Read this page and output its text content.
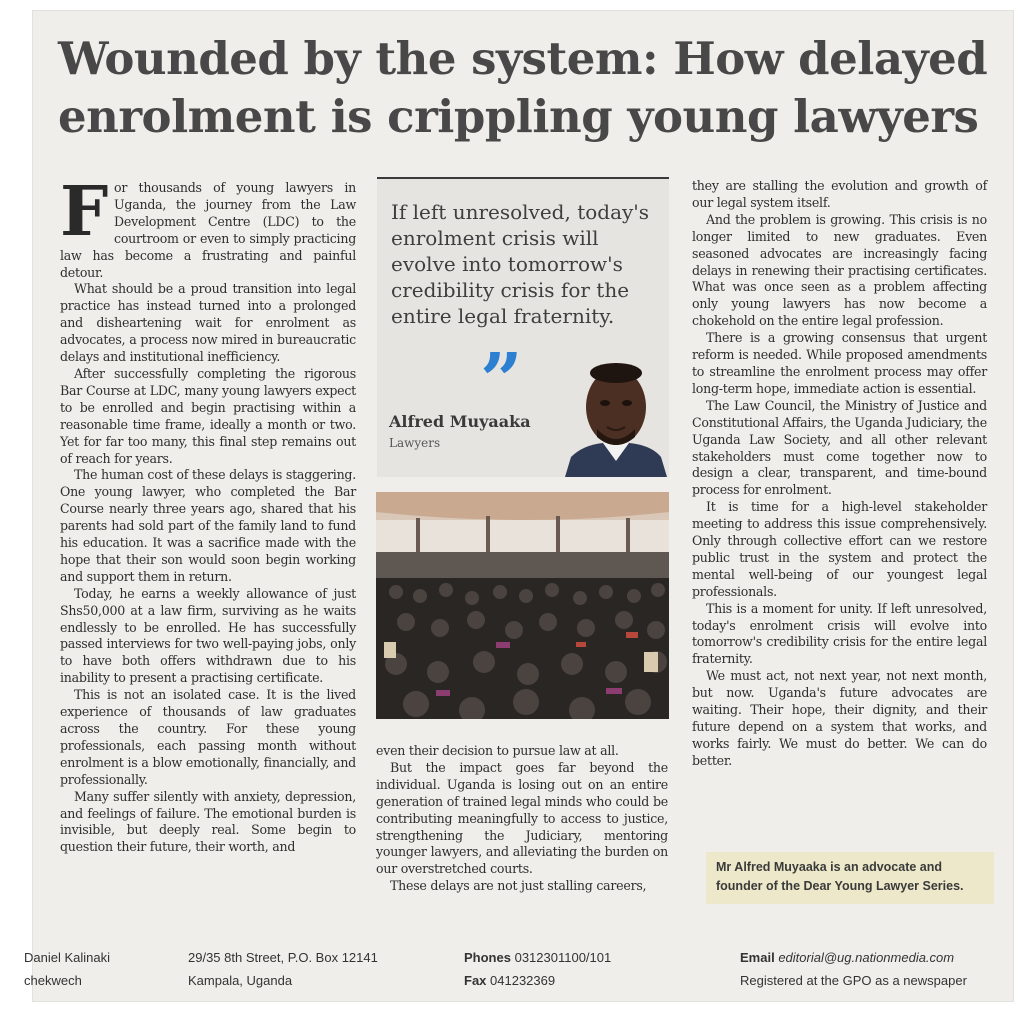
Wounded by the system: How delayed enrolment is crippling young lawyers

For thousands of young lawyers in Uganda, the journey from the Law Development Centre (LDC) to the courtroom or even to simply practicing law has become a frustrating and painful detour.

What should be a proud transition into legal practice has instead turned into a prolonged and disheartening wait for enrolment as advocates, a process now mired in bureaucratic delays and institutional inefficiency.

After successfully completing the rigorous Bar Course at LDC, many young lawyers expect to be enrolled and begin practising within a reasonable time frame, ideally a month or two. Yet for far too many, this final step remains out of reach for years.

The human cost of these delays is staggering. One young lawyer, who completed the Bar Course nearly three years ago, shared that his parents had sold part of the family land to fund his education. It was a sacrifice made with the hope that their son would soon begin working and support them in return.

Today, he earns a weekly allowance of just Shs50,000 at a law firm, surviving as he waits endlessly to be enrolled. He has successfully passed interviews for two well-paying jobs, only to have both offers withdrawn due to his inability to present a practising certificate.

This is not an isolated case. It is the lived experience of thousands of law graduates across the country. For these young professionals, each passing month without enrolment is a blow emotionally, financially, and professionally.

Many suffer silently with anxiety, depression, and feelings of failure. The emotional burden is invisible, but deeply real. Some begin to question their future, their worth, and

If left unresolved, today's enrolment crisis will evolve into tomorrow's credibility crisis for the entire legal fraternity.
”
Alfred Muyaaka
Lawyers

even their decision to pursue law at all.

But the impact goes far beyond the individual. Uganda is losing out on an entire generation of trained legal minds who could be contributing meaningfully to access to justice, strengthening the Judiciary, mentoring younger lawyers, and alleviating the burden on our overstretched courts.

These delays are not just stalling careers,

they are stalling the evolution and growth of our legal system itself.

And the problem is growing. This crisis is no longer limited to new graduates. Even seasoned advocates are increasingly facing delays in renewing their practising certificates. What was once seen as a problem affecting only young lawyers has now become a chokehold on the entire legal profession.

There is a growing consensus that urgent reform is needed. While proposed amendments to streamline the enrolment process may offer long-term hope, immediate action is essential.

The Law Council, the Ministry of Justice and Constitutional Affairs, the Uganda Judiciary, the Uganda Law Society, and all other relevant stakeholders must come together now to design a clear, transparent, and time-bound process for enrolment.

It is time for a high-level stakeholder meeting to address this issue comprehensively. Only through collective effort can we restore public trust in the system and protect the mental well-being of our youngest legal professionals.

This is a moment for unity. If left unresolved, today's enrolment crisis will evolve into tomorrow's credibility crisis for the entire legal fraternity.

We must act, not next year, not next month, but now. Uganda's future advocates are waiting. Their hope, their dignity, and their future depend on a system that works, and works fairly. We must do better. We can do better.

Mr Alfred Muyaaka is an advocate and founder of the Dear Young Lawyer Series.
Daniel Kalinaki
chekwech
29/35 8th Street, P.O. Box 12141
Kampala, Uganda
Phones 0312301100/101
Fax 041232369
Email editorial@ug.nationmedia.com
Registered at the GPO as a newspaper
